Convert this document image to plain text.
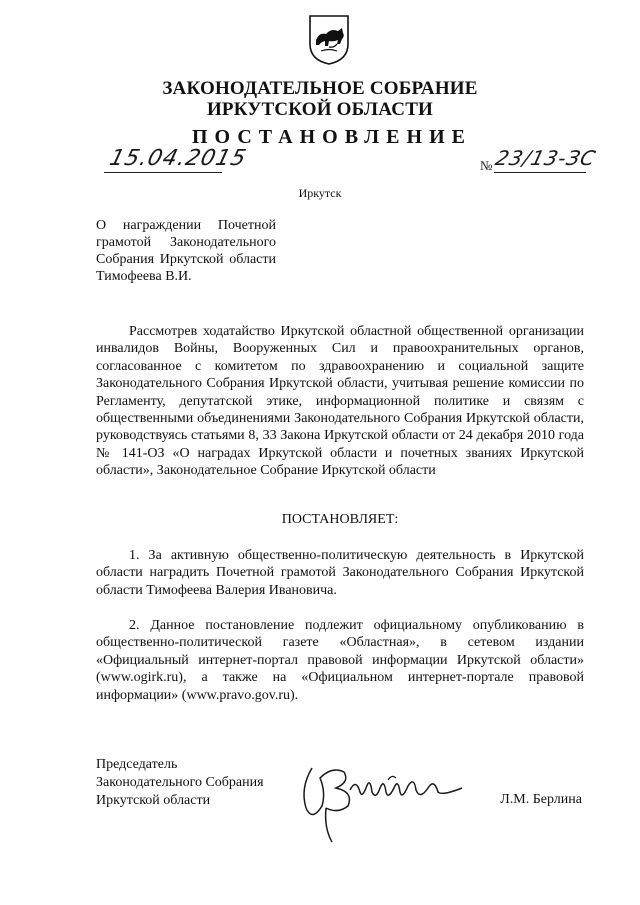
ЗАКОНОДАТЕЛЬНОЕ СОБРАНИЕ
ИРКУТСКОЙ ОБЛАСТИ
ПОСТАНОВЛЕНИЕ
15.04.2015	№ 23/13-ЗС
Иркутск
О награждении Почетной грамотой Законодательного Собрания Иркутской области Тимофеева В.И.
Рассмотрев ходатайство Иркутской областной общественной организации инвалидов Войны, Вооруженных Сил и правоохранительных органов, согласованное с комитетом по здравоохранению и социальной защите Законодательного Собрания Иркутской области, учитывая решение комиссии по Регламенту, депутатской этике, информационной политике и связям с общественными объединениями Законодательного Собрания Иркутской области, руководствуясь статьями 8, 33 Закона Иркутской области от 24 декабря 2010 года № 141-ОЗ «О наградах Иркутской области и почетных званиях Иркутской области», Законодательное Собрание Иркутской области
ПОСТАНОВЛЯЕТ:
1. За активную общественно-политическую деятельность в Иркутской области наградить Почетной грамотой Законодательного Собрания Иркутской области Тимофеева Валерия Ивановича.
2. Данное постановление подлежит официальному опубликованию в общественно-политической газете «Областная», в сетевом издании «Официальный интернет-портал правовой информации Иркутской области» (www.ogirk.ru), а также на «Официальном интернет-портале правовой информации» (www.pravo.gov.ru).
Председатель
Законодательного Собрания
Иркутской области	Л.М. Берлина
